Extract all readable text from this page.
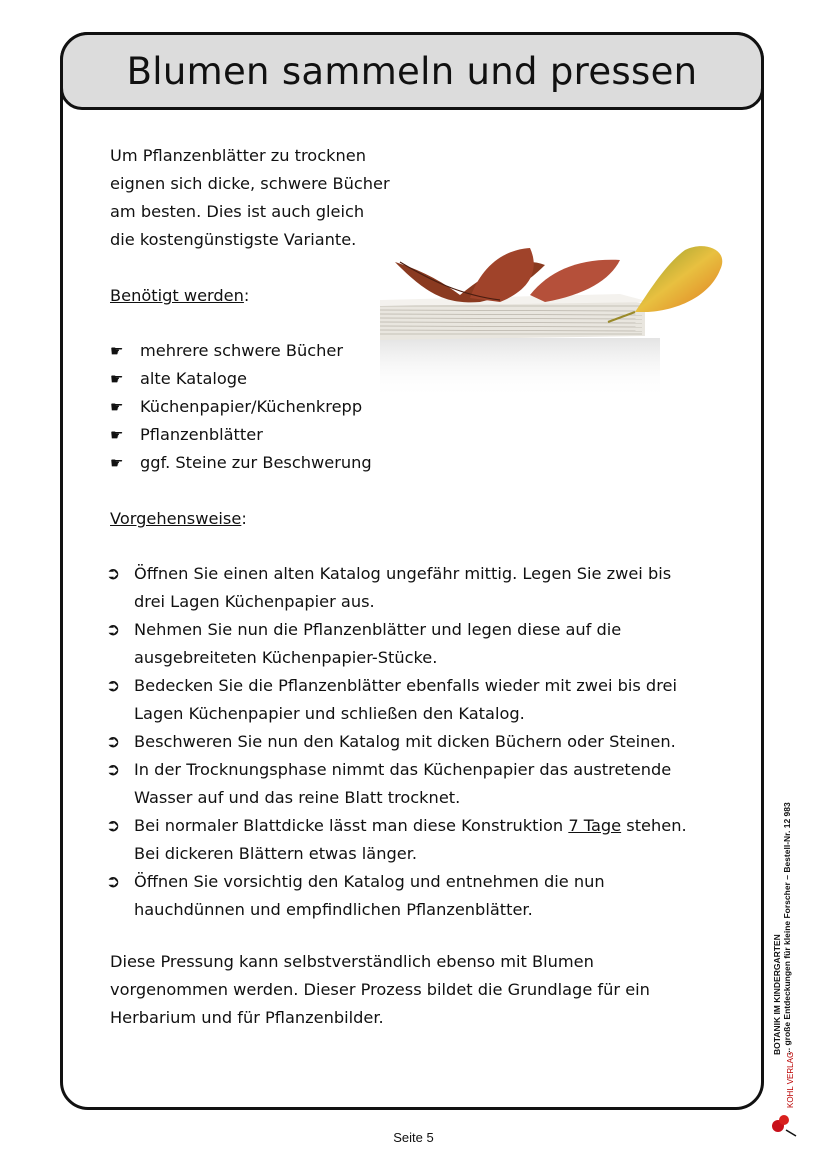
Blumen sammeln und pressen
Um Pflanzenblätter zu trocknen
eignen sich dicke, schwere Bücher
am besten. Dies ist auch gleich
die kostengünstigste Variante.
Benötigt werden:
☛	mehrere schwere Bücher
☛	alte Kataloge
☛	Küchenpapier/Küchenkrepp
☛	Pflanzenblätter
☛	ggf. Steine zur Beschwerung
Vorgehensweise:
➲ Öffnen Sie einen alten Katalog ungefähr mittig. Legen Sie zwei bis
drei Lagen Küchenpapier aus.
➲ Nehmen Sie nun die Pflanzenblätter und legen diese auf die
ausgebreiteten Küchenpapier-Stücke.
➲ Bedecken Sie die Pflanzenblätter ebenfalls wieder mit zwei bis drei
Lagen Küchenpapier und schließen den Katalog.
➲ Beschweren Sie nun den Katalog mit dicken Büchern oder Steinen.
➲ In der Trocknungsphase nimmt das Küchenpapier das austretende
Wasser auf und das reine Blatt trocknet.
➲ Bei normaler Blattdicke lässt man diese Konstruktion 7 Tage stehen.
Bei dickeren Blättern etwas länger.
➲ Öffnen Sie vorsichtig den Katalog und entnehmen die nun
hauchdünnen und empfindlichen Pflanzenblätter.
Diese Pressung kann selbstverständlich ebenso mit Blumen
vorgenommen werden. Dieser Prozess bildet die Grundlage für ein
Herbarium und für Pflanzenbilder.	BOTANIK IM KINDERGARTEN ... große Entdeckungen für kleine Forscher – Bestell-Nr. 12 983
KOHL VERLAG
Seite 5
